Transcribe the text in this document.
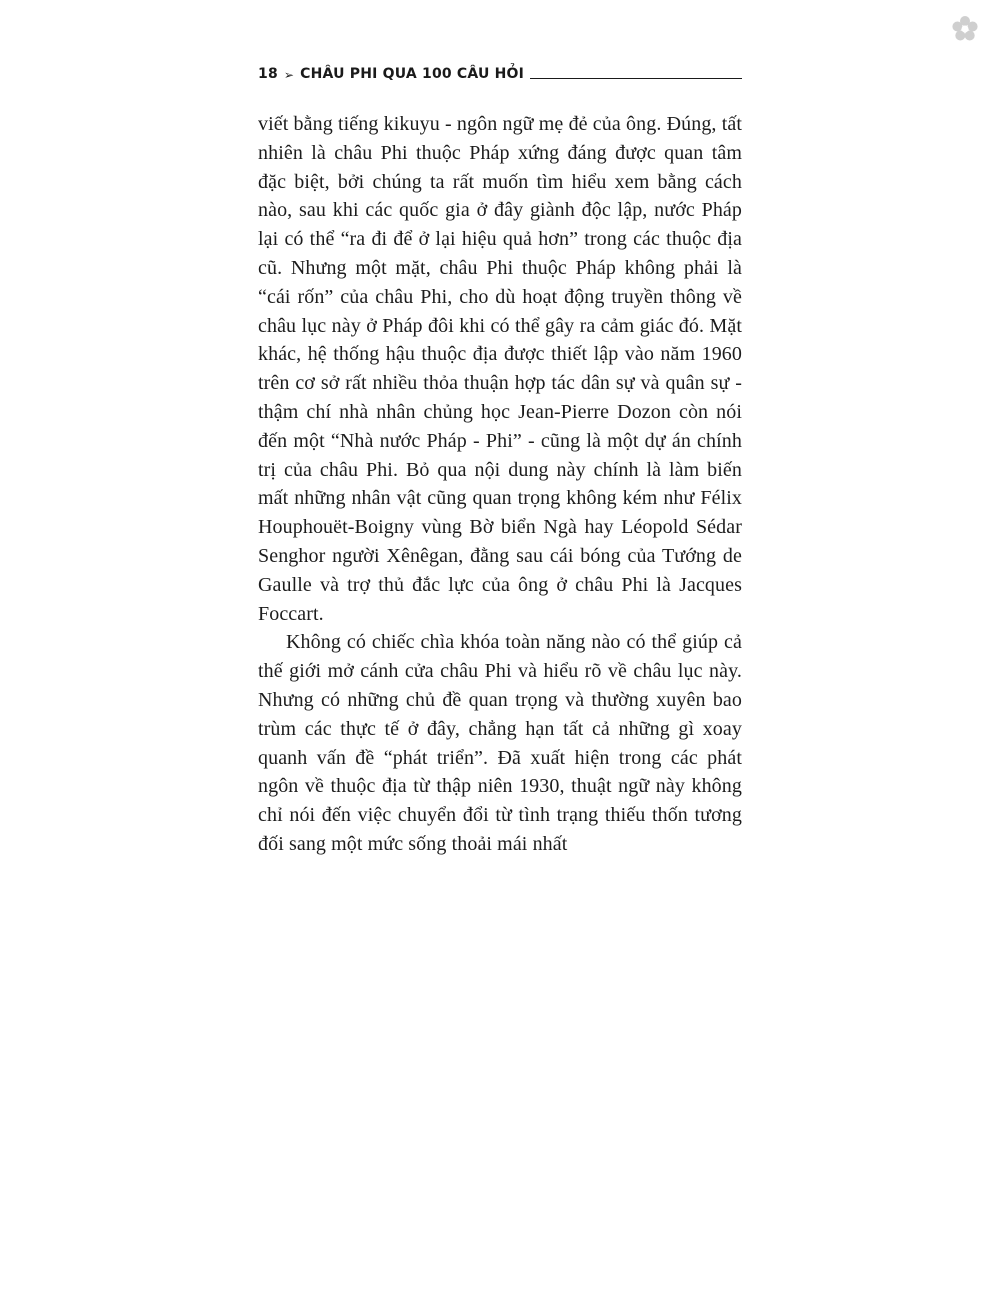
18 ➢ CHÂU PHI QUA 100 CÂU HỎI

viết bằng tiếng kikuyu - ngôn ngữ mẹ đẻ của ông. Đúng, tất nhiên là châu Phi thuộc Pháp xứng đáng được quan tâm đặc biệt, bởi chúng ta rất muốn tìm hiểu xem bằng cách nào, sau khi các quốc gia ở đây giành độc lập, nước Pháp lại có thể “ra đi để ở lại hiệu quả hơn” trong các thuộc địa cũ. Nhưng một mặt, châu Phi thuộc Pháp không phải là “cái rốn” của châu Phi, cho dù hoạt động truyền thông về châu lục này ở Pháp đôi khi có thể gây ra cảm giác đó. Mặt khác, hệ thống hậu thuộc địa được thiết lập vào năm 1960 trên cơ sở rất nhiều thỏa thuận hợp tác dân sự và quân sự - thậm chí nhà nhân chủng học Jean-Pierre Dozon còn nói đến một “Nhà nước Pháp - Phi” - cũng là một dự án chính trị của châu Phi. Bỏ qua nội dung này chính là làm biến mất những nhân vật cũng quan trọng không kém như Félix Houphouët-Boigny vùng Bờ biển Ngà hay Léopold Sédar Senghor người Xênêgan, đằng sau cái bóng của Tướng de Gaulle và trợ thủ đắc lực của ông ở châu Phi là Jacques Foccart.

Không có chiếc chìa khóa toàn năng nào có thể giúp cả thế giới mở cánh cửa châu Phi và hiểu rõ về châu lục này. Nhưng có những chủ đề quan trọng và thường xuyên bao trùm các thực tế ở đây, chẳng hạn tất cả những gì xoay quanh vấn đề “phát triển”. Đã xuất hiện trong các phát ngôn về thuộc địa từ thập niên 1930, thuật ngữ này không chỉ nói đến việc chuyển đổi từ tình trạng thiếu thốn tương đối sang một mức sống thoải mái nhất
